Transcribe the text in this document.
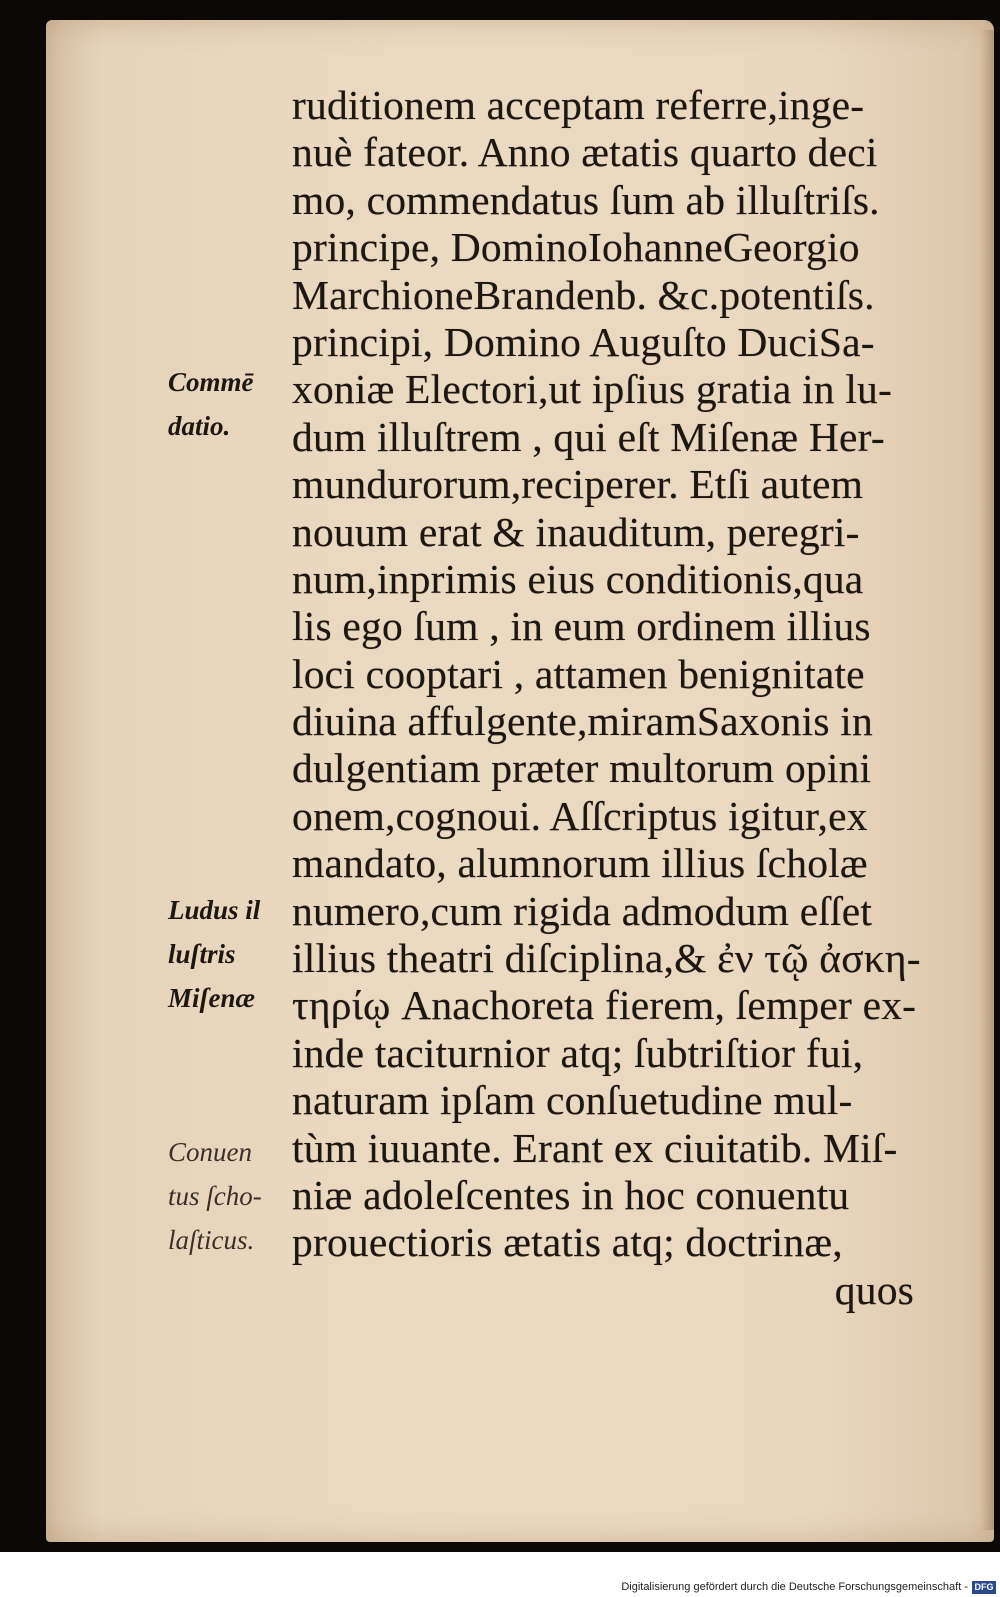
ruditionem acceptam referre,inge-
nuè fateor. Anno ætatis quarto deci
mo, commendatus ſum ab illuſtriſs.
principe, DominoIohanneGeorgio
MarchioneBrandenb. &c.potentiſs.
principi, Domino Auguſto DuciSa-
xoniæ Electori,ut ipſius gratia in lu-
dum illuſtrem , qui eſt Miſenæ Her-
mundurorum,reciperer. Etſi autem
nouum erat & inauditum, peregri-
num,inprimis eius conditionis,qua
lis ego ſum , in eum ordinem illius
loci cooptari , attamen benignitate
diuina affulgente,miramSaxonis in
dulgentiam præter multorum opini
onem,cognoui. Aſſcriptus igitur,ex
mandato, alumnorum illius ſcholæ
numero,cum rigida admodum eſſet
illius theatri diſciplina,& ἐν τῷ ἀσκη-
τηρίῳ Anachoreta fierem, ſemper ex-
inde taciturnior atq; ſubtriſtior fui,
naturam ipſam conſuetudine mul-
tùm iuuante. Erant ex ciuitatib. Miſ-
niæ adoleſcentes in hoc conuentu
prouectioris ætatis atq; doctrinæ,
quos
Commē
datio.
Ludus il
luſtris
Miſenæ
Conuen
tus ſcho-
laſticus.
Digitalisierung gefördert durch die Deutsche Forschungsgemeinschaft - DFG
